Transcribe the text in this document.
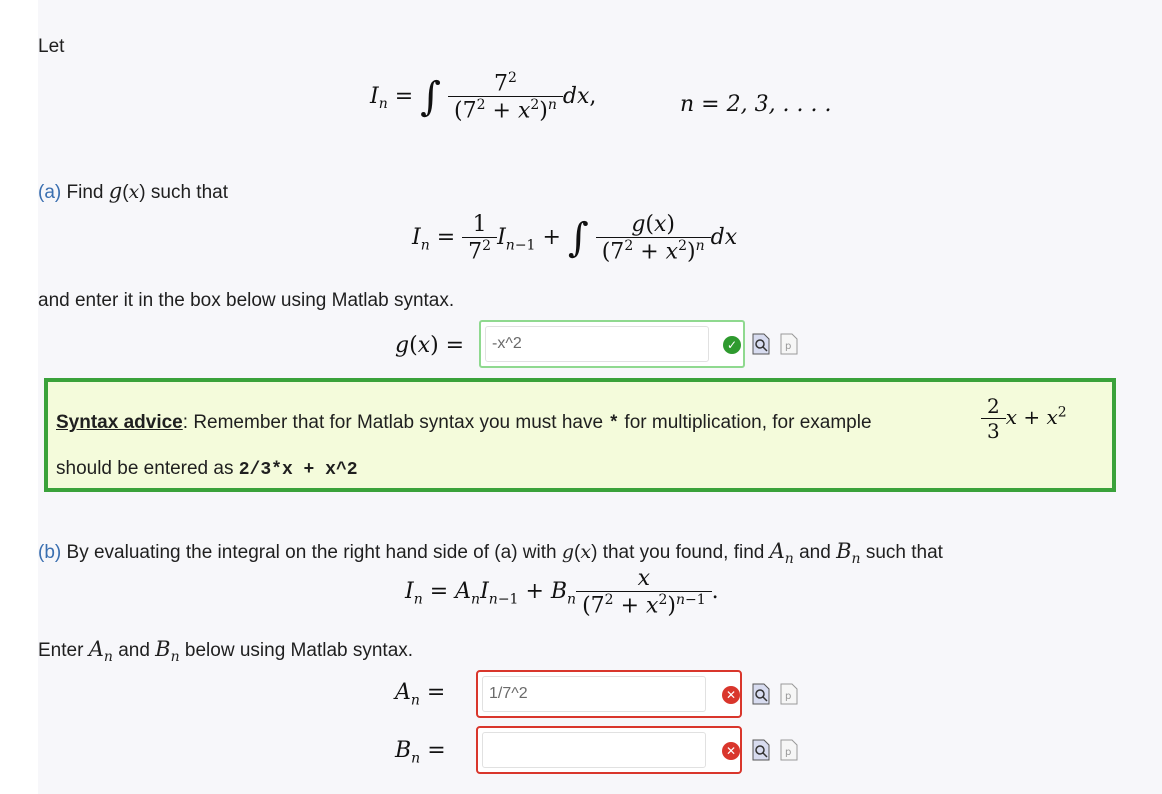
Let
$I_n$ = ∫ $\frac{7^2}{(7^2 + x^2)^n}$ dx,	n = 2, 3, . . . .
(a) Find g(x) such that
$I_n = \frac{1}{7^2} I_{n-1}$ + ∫ $\frac{g(x)}{(7^2 + x^2)^n}$ dx
and enter it in the box below using Matlab syntax.
g(x) = -x^2	✓	p
Syntax advice: Remember that for Matlab syntax you must have * for multiplication, for example	$\frac{2}{3}$ $x + x^2$
should be entered as 2/3*x + x^2
(b) By evaluating the integral on the right hand side of (a) with g(x) that you found, find $A_n$ and $B_n$ such that
$I_n = A_nI_{n-1} + B_n \frac{x}{(7^2 + x^2)^{n-1}}$ .
Enter $A_n$ and $B_n$ below using Matlab syntax.
$A_n$ =	1/7^2	✕	p
$B_n$ =	✕	p
